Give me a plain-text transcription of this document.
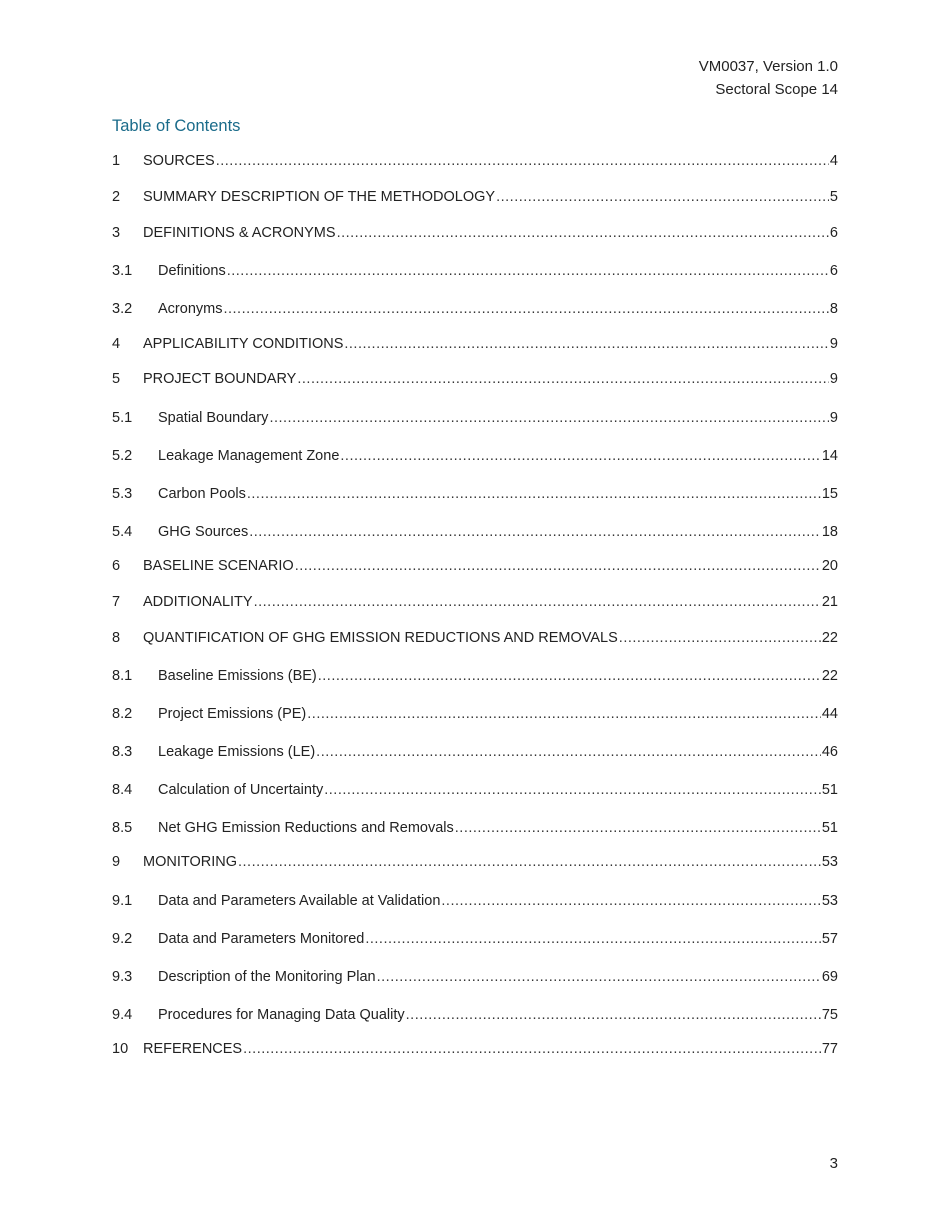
VM0037, Version 1.0
Sectoral Scope 14
Table of Contents
1	SOURCES .....	4
2	SUMMARY DESCRIPTION OF THE METHODOLOGY .....	5
3	DEFINITIONS & ACRONYMS .....	6
3.1	Definitions .....	6
3.2	Acronyms .....	8
4	APPLICABILITY CONDITIONS .....	9
5	PROJECT BOUNDARY .....	9
5.1	Spatial Boundary .....	9
5.2	Leakage Management Zone .....	14
5.3	Carbon Pools .....	15
5.4	GHG Sources .....	18
6	BASELINE SCENARIO .....	20
7	ADDITIONALITY .....	21
8	QUANTIFICATION OF GHG EMISSION REDUCTIONS AND REMOVALS .....	22
8.1	Baseline Emissions (BE) .....	22
8.2	Project Emissions (PE) .....	44
8.3	Leakage Emissions (LE) .....	46
8.4	Calculation of Uncertainty .....	51
8.5	Net GHG Emission Reductions and Removals .....	51
9	MONITORING .....	53
9.1	Data and Parameters Available at Validation .....	53
9.2	Data and Parameters Monitored .....	57
9.3	Description of the Monitoring Plan .....	69
9.4	Procedures for Managing Data Quality .....	75
10	REFERENCES .....	77
3
